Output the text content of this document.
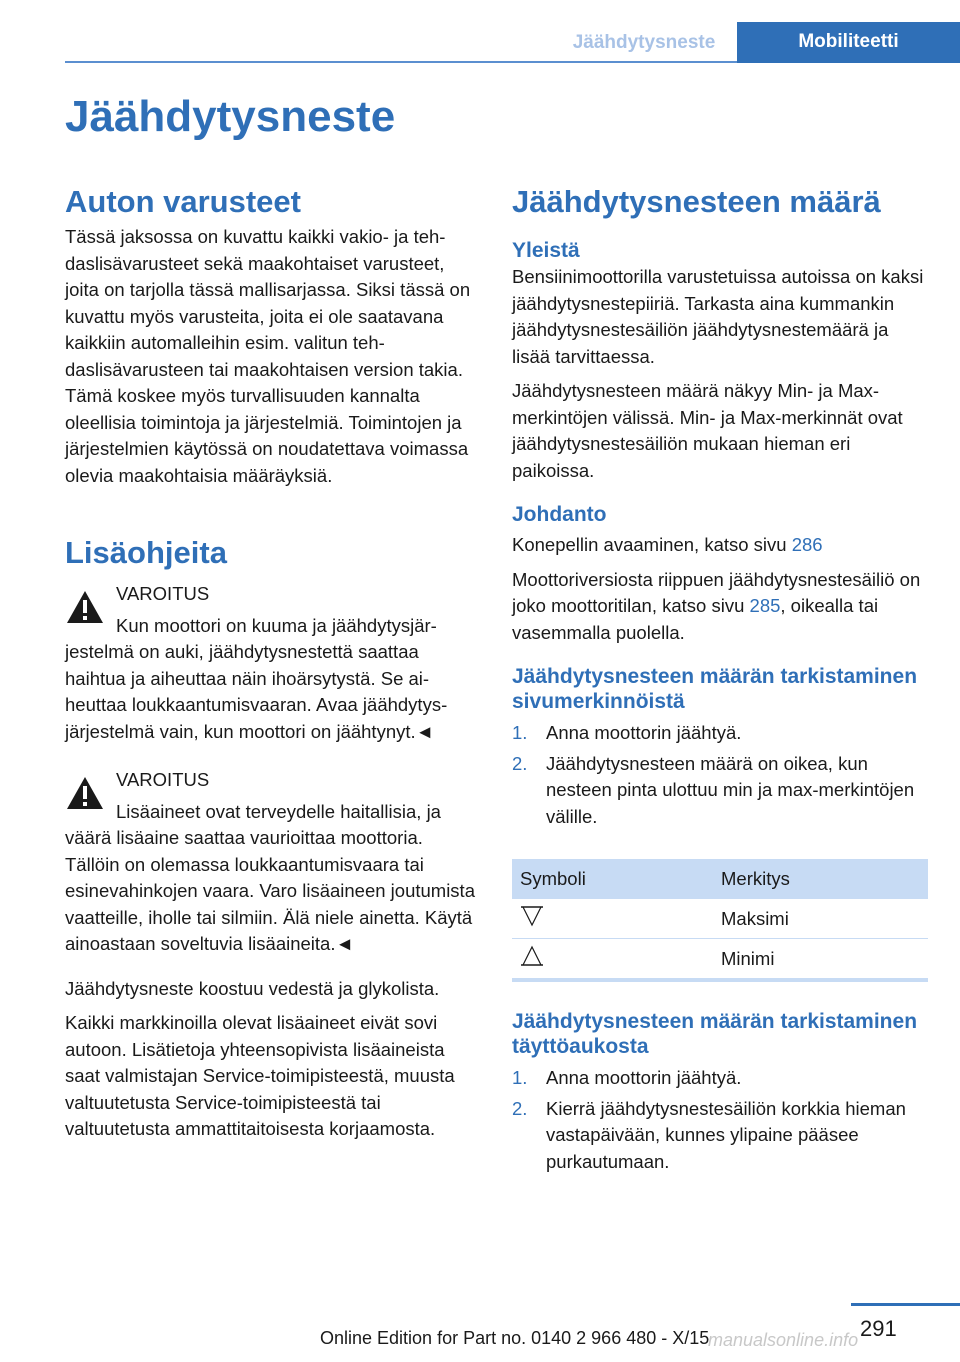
Jäähdytysneste	Mobiliteetti
Jäähdytysneste
Auton varusteet

Tässä jaksossa on kuvattu kaikki vakio- ja tehdaslisävarusteet sekä maakohtaiset varusteet, joita on tarjolla tässä mallisarjassa. Siksi tässä on kuvattu myös varusteita, joita ei ole saatavana kaikkiin automalleihin esim. valitun tehdaslisävarusteen tai maakohtaisen version takia. Tämä koskee myös turvallisuuden kannalta oleellisia toimintoja ja järjestelmiä. Toimintojen ja järjestelmien käytössä on noudatettava voimassa olevia maakohtaisia määräyksiä.

Lisäohjeita
VAROITUS

Kun moottori on kuuma ja jäähdytysjärjestelmä on auki, jäähdytysnestettä saattaa haihtua ja aiheuttaa näin ihoärsytystä. Se aiheuttaa loukkaantumisvaaran. Avaa jäähdytysjärjestelmä vain, kun moottori on jäähtynyt.◄

VAROITUS

Lisäaineet ovat terveydelle haitallisia, ja väärä lisäaine saattaa vaurioittaa moottoria. Tällöin on olemassa loukkaantumisvaara tai esinevahinkojen vaara. Varo lisäaineen joutumista vaatteille, iholle tai silmiin. Älä niele ainetta. Käytä ainoastaan soveltuvia lisäaineita.◄

Jäähdytysneste koostuu vedestä ja glykolista.

Kaikki markkinoilla olevat lisäaineet eivät sovi autoon. Lisätietoja yhteensopivista lisäaineista saat valmistajan Service-toimipisteestä, muusta valtuutetusta Service-toimipisteestä tai valtuutetusta ammattitaitoisesta korjaamosta.

Jäähdytysnesteen määrä
Yleistä

Bensiinimoottorilla varustetuissa autoissa on kaksi jäähdytysnestepiiriä. Tarkasta aina kummankin jäähdytysnestesäiliön jäähdytysnestemäärä ja lisää tarvittaessa.

Jäähdytysnesteen määrä näkyy Min- ja Max-merkintöjen välissä. Min- ja Max-merkinnät ovat jäähdytysnestesäiliön mukaan hieman eri paikoissa.

Johdanto

Konepellin avaaminen, katso sivu 286

Moottoriversiosta riippuen jäähdytysnestesäiliö on joko moottoritilan, katso sivu 285, oikealla tai vasemmalla puolella.

Jäähdytysnesteen määrän tarkistaminen sivumerkinnöistä
1. Anna moottorin jäähtyä.
2. Jäähdytysnesteen määrä on oikea, kun nesteen pinta ulottuu min ja max-merkintöjen välille.
Symboli	Merkitys
	Maksimi
	Minimi
Jäähdytysnesteen määrän tarkistaminen täyttöaukosta
1. Anna moottorin jäähtyä.
2. Kierrä jäähdytysnestesäiliön korkkia hieman vastapäivään, kunnes ylipaine pääsee purkautumaan.
291
Online Edition for Part no. 0140 2 966 480 - X/15
manualsonline.info
